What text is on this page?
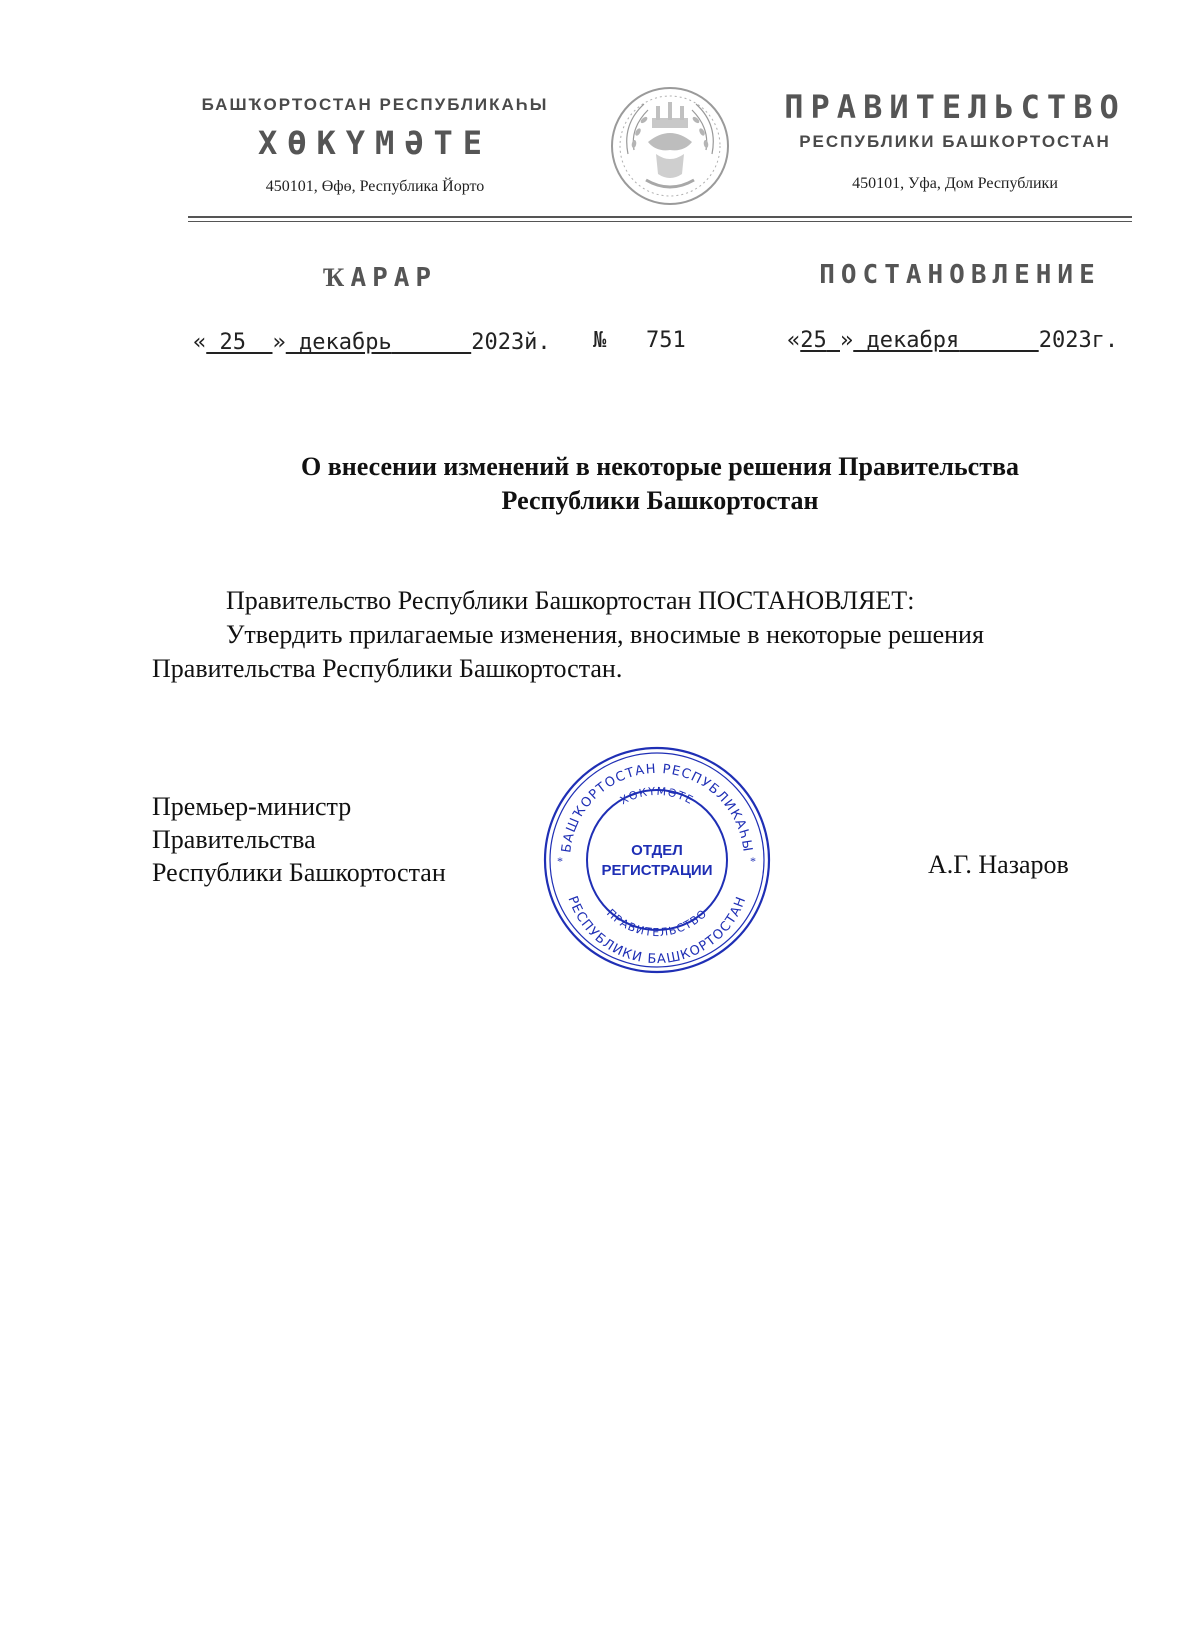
БАШҠОРТОСТАН РЕСПУБЛИКАҺЫ
ХӨКҮМӘТЕ
450101, Өфө, Республика Йорто
ПРАВИТЕЛЬСТВО
РЕСПУБЛИКИ БАШКОРТОСТАН
450101, Уфа, Дом Республики
ҠАРАР	ПОСТАНОВЛЕНИЕ
« 25 » декабрь	2023й. № 751	«25 » декабря	2023г.
О внесении изменений в некоторые решения Правительства
Республики Башкортостан
Правительство Республики Башкортостан ПОСТАНОВЛЯЕТ:
Утвердить прилагаемые изменения, вносимые в некоторые решения Правительства Республики Башкортостан.
Премьер-министр
Правительства
Республики Башкортостан	А.Г. Назаров
БАШҠОРТОСТАН РЕСПУБЛИКАҺЫ
ХӨКҮМӘТЕ
РЕСПУБЛИКИ БАШКОРТОСТАН
ПРАВИТЕЛЬСТВО
*	*
ОТДЕЛ
РЕГИСТРАЦИИ
